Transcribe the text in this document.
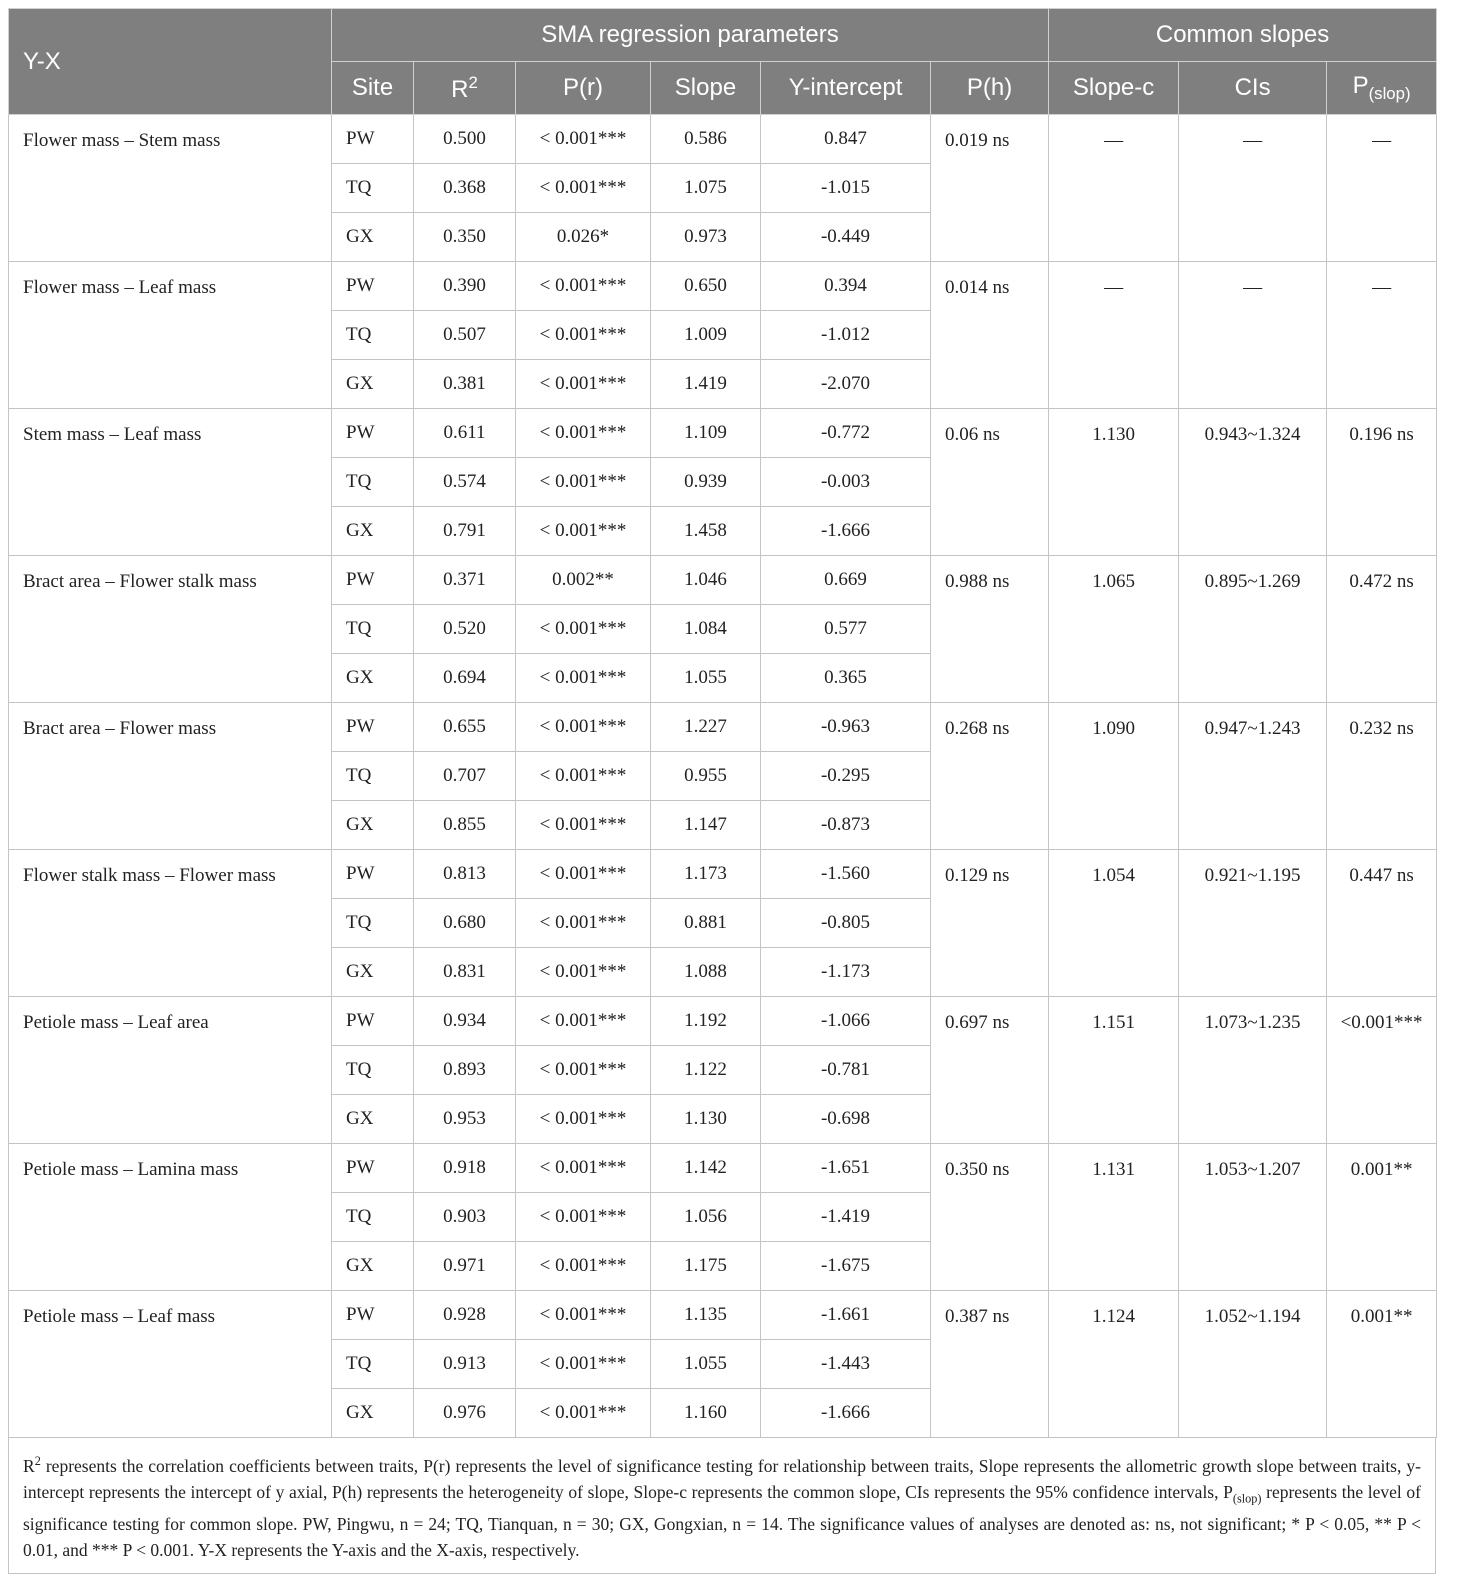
Y-X	SMA regression parameters						Common slopes		
	Site	$R^2$	P(r)	Slope	Y-intercept	P(h)	Slope-c	CIs	$P_{(slop)}$
Flower mass – Stem mass	PW	0.500	< 0.001***	0.586	0.847	0.019 ns	—	—	—
	TQ	0.368	< 0.001***	1.075	-1.015				
	GX	0.350	0.026*	0.973	-0.449				
Flower mass – Leaf mass	PW	0.390	< 0.001***	0.650	0.394	0.014 ns	—	—	—
	TQ	0.507	< 0.001***	1.009	-1.012				
	GX	0.381	< 0.001***	1.419	-2.070				
Stem mass – Leaf mass	PW	0.611	< 0.001***	1.109	-0.772	0.06 ns	1.130	0.943~1.324	0.196 ns
	TQ	0.574	< 0.001***	0.939	-0.003				
	GX	0.791	< 0.001***	1.458	-1.666				
Bract area – Flower stalk mass	PW	0.371	0.002**	1.046	0.669	0.988 ns	1.065	0.895~1.269	0.472 ns
	TQ	0.520	< 0.001***	1.084	0.577				
	GX	0.694	< 0.001***	1.055	0.365				
Bract area – Flower mass	PW	0.655	< 0.001***	1.227	-0.963	0.268 ns	1.090	0.947~1.243	0.232 ns
	TQ	0.707	< 0.001***	0.955	-0.295				
	GX	0.855	< 0.001***	1.147	-0.873				
Flower stalk mass – Flower mass	PW	0.813	< 0.001***	1.173	-1.560	0.129 ns	1.054	0.921~1.195	0.447 ns
	TQ	0.680	< 0.001***	0.881	-0.805				
	GX	0.831	< 0.001***	1.088	-1.173				
Petiole mass – Leaf area	PW	0.934	< 0.001***	1.192	-1.066	0.697 ns	1.151	1.073~1.235	<0.001***
	TQ	0.893	< 0.001***	1.122	-0.781				
	GX	0.953	< 0.001***	1.130	-0.698				
Petiole mass – Lamina mass	PW	0.918	< 0.001***	1.142	-1.651	0.350 ns	1.131	1.053~1.207	0.001**
	TQ	0.903	< 0.001***	1.056	-1.419				
	GX	0.971	< 0.001***	1.175	-1.675				
Petiole mass – Leaf mass	PW	0.928	< 0.001***	1.135	-1.661	0.387 ns	1.124	1.052~1.194	0.001**
	TQ	0.913	< 0.001***	1.055	-1.443				
	GX	0.976	< 0.001***	1.160	-1.666				
$R^2$ represents the correlation coefficients between traits, P(r) represents the level of significance testing for relationship between traits, Slope represents the allometric growth slope between traits, y-intercept represents the intercept of y axial, P(h) represents the heterogeneity of slope, Slope-c represents the common slope, CIs represents the 95% confidence intervals, $P_{(slop)}$ represents the level of significance testing for common slope. PW, Pingwu, n = 24; TQ, Tianquan, n = 30; GX, Gongxian, n = 14. The significance values of analyses are denoted as: ns, not significant; * P < 0.05, ** P < 0.01, and *** P < 0.001. Y-X represents the Y-axis and the X-axis, respectively.
